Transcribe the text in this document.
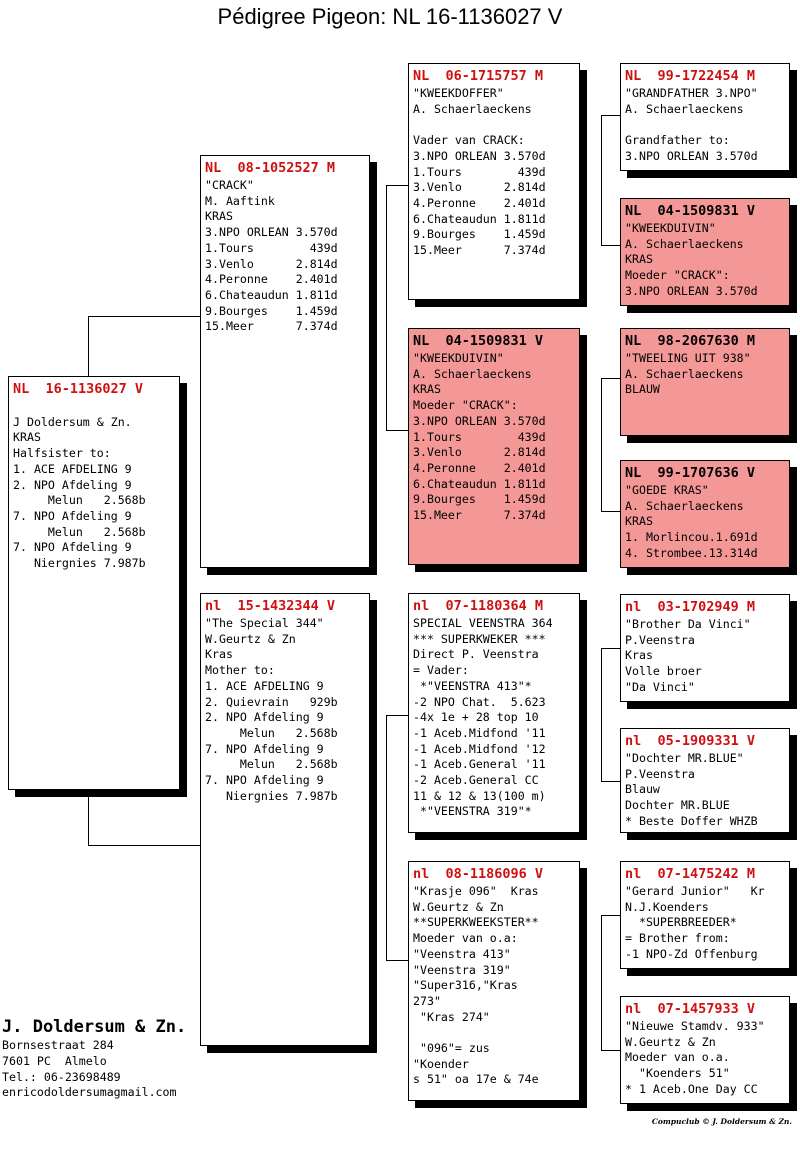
Pédigree Pigeon: NL 16-1136027 V
NL  16-1136027 V

J Doldersum & Zn.
KRAS
Halfsister to:
1. ACE AFDELING 9
2. NPO Afdeling 9
Melun   2.568b
7. NPO Afdeling 9
Melun   2.568b
7. NPO Afdeling 9
Niergnies 7.987b
NL  08-1052527 M
"CRACK"
M. Aaftink
KRAS
3.NPO ORLEAN 3.570d
1.Tours        439d
3.Venlo      2.814d
4.Peronne    2.401d
6.Chateaudun 1.811d
9.Bourges    1.459d
15.Meer      7.374d
nl  15-1432344 V
"The Special 344"
W.Geurtz & Zn
Kras
Mother to:
1. ACE AFDELING 9
2. Quievrain   929b
2. NPO Afdeling 9
Melun   2.568b
7. NPO Afdeling 9
Melun   2.568b
7. NPO Afdeling 9
Niergnies 7.987b
NL  06-1715757 M
"KWEEKDOFFER"
A. Schaerlaeckens

Vader van CRACK:
3.NPO ORLEAN 3.570d
1.Tours        439d
3.Venlo      2.814d
4.Peronne    2.401d
6.Chateaudun 1.811d
9.Bourges    1.459d
15.Meer      7.374d
NL  04-1509831 V
"KWEEKDUIVIN"
A. Schaerlaeckens
KRAS
Moeder "CRACK":
3.NPO ORLEAN 3.570d
1.Tours        439d
3.Venlo      2.814d
4.Peronne    2.401d
6.Chateaudun 1.811d
9.Bourges    1.459d
15.Meer      7.374d
nl  07-1180364 M
SPECIAL VEENSTRA 364
*** SUPERKWEKER ***
Direct P. Veenstra
= Vader:
*"VEENSTRA 413"*
-2 NPO Chat.  5.623
-4x 1e + 28 top 10
-1 Aceb.Midfond '11
-1 Aceb.Midfond '12
-1 Aceb.General '11
-2 Aceb.General CC
11 & 12 & 13(100 m)
*"VEENSTRA 319"*
nl  08-1186096 V
"Krasje 096"  Kras
W.Geurtz & Zn
**SUPERKWEEKSTER**
Moeder van o.a:
"Veenstra 413"
"Veenstra 319"
"Super316,"Kras
273"
"Kras 274"

"096"= zus
"Koender
s 51" oa 17e & 74e
NL  99-1722454 M
"GRANDFATHER 3.NPO"
A. Schaerlaeckens

Grandfather to:
3.NPO ORLEAN 3.570d
NL  04-1509831 V
"KWEEKDUIVIN"
A. Schaerlaeckens
KRAS
Moeder "CRACK":
3.NPO ORLEAN 3.570d
NL  98-2067630 M
"TWEELING UIT 938"
A. Schaerlaeckens
BLAUW
NL  99-1707636 V
"GOEDE KRAS"
A. Schaerlaeckens
KRAS
1. Morlincou.1.691d
4. Strombee.13.314d
nl  03-1702949 M
"Brother Da Vinci"
P.Veenstra
Kras
Volle broer
"Da Vinci"
nl  05-1909331 V
"Dochter MR.BLUE"
P.Veenstra
Blauw
Dochter MR.BLUE
* Beste Doffer WHZB
nl  07-1475242 M
"Gerard Junior"   Kr
N.J.Koenders
*SUPERBREEDER*
= Brother from:
-1 NPO-Zd Offenburg
nl  07-1457933 V
"Nieuwe Stamdv. 933"
W.Geurtz & Zn
Moeder van o.a.
"Koenders 51"
* 1 Aceb.One Day CC
J. Doldersum & Zn.
Bornsestraat 284
7601 PC  Almelo
Tel.: 06-23698489
enricodoldersumagmail.com
Compuclub © J. Doldersum & Zn.
